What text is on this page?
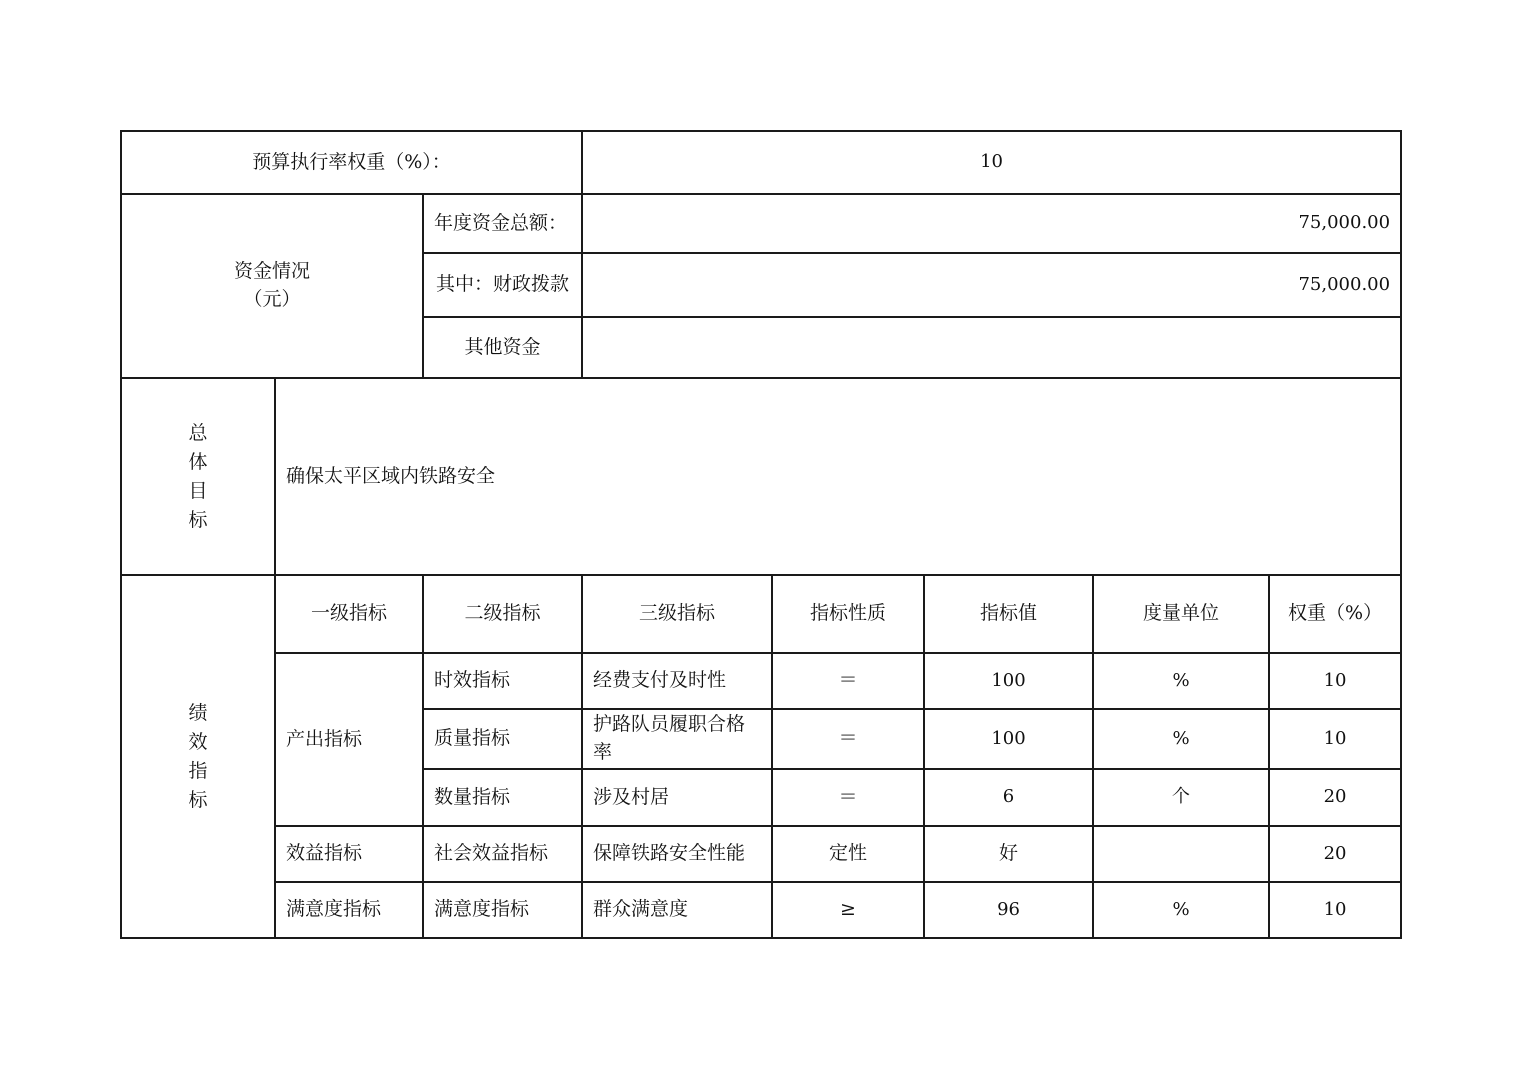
预算执行率权重（%）：			10				

资金情况
（元）		年度资金总额：	75,000.00				
		其中：财政拨款	75,000.00				
		其他资金					

总
体
目
标	确保太平区域内铁路安全						

绩
效
指
标	一级指标	二级指标	三级指标	指标性质	指标值	度量单位	权重（%）
	产出指标	时效指标	经费支付及时性	＝	100	%	10
		质量指标	护路队员履职合格率	＝	100	%	10
		数量指标	涉及村居	＝	6	个	20
	效益指标	社会效益指标	保障铁路安全性能	定性	好		20
	满意度指标	满意度指标	群众满意度	≥	96	%	10
